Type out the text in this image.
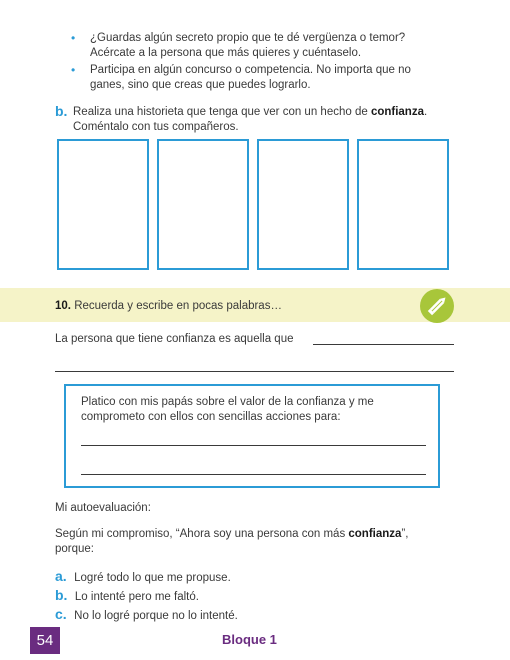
• ¿Guardas algún secreto propio que te dé vergüenza o temor?
Acércate a la persona que más quieres y cuéntaselo.
• Participa en algún concurso o competencia. No importa que no
ganes, sino que creas que puedes lograrlo.
b. Realiza una historieta que tenga que ver con un hecho de confianza.
Coméntalo con tus compañeros.
10. Recuerda y escribe en pocas palabras…
La persona que tiene confianza es aquella que
Platico con mis papás sobre el valor de la confianza y me
comprometo con ellos con sencillas acciones para:
Mi autoevaluación:
Según mi compromiso, “Ahora soy una persona con más confianza”,
porque:
a. Logré todo lo que me propuse.
b. Lo intenté pero me faltó.
c. No lo logré porque no lo intenté.
54	Bloque 1
